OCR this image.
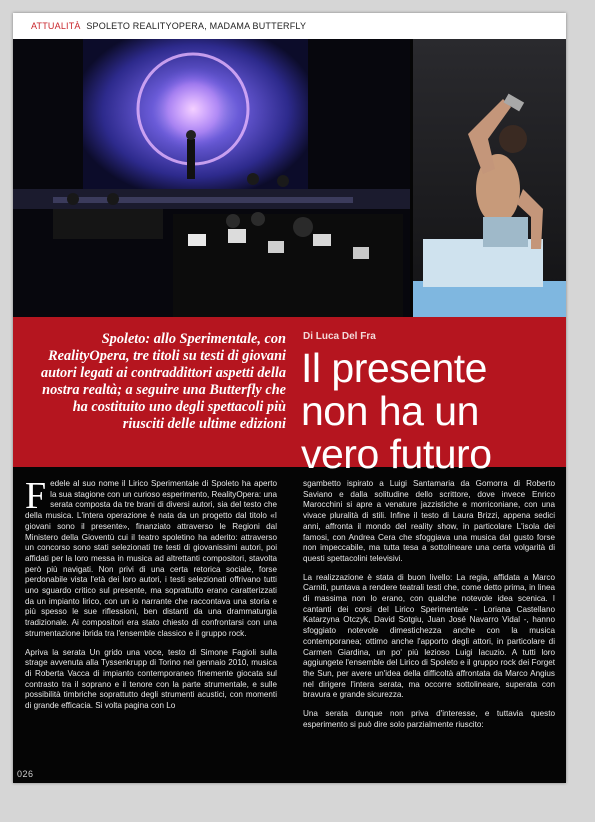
ATTUALITÀ SPOLETO REALITYOPERA, MADAMA BUTTERFLY
Spoleto: allo Sperimentale, con RealityOpera, tre titoli su testi di giovani autori legati ai contraddittori aspetti della nostra realtà; a seguire una Butterfly che ha costituito uno degli spettacoli più riusciti delle ultime edizioni
Di Luca Del Fra
Il presente non ha un vero futuro

Fedele al suo nome il Lirico Sperimentale di Spoleto ha aperto la sua stagione con un curioso esperimento, RealityOpera: una serata composta da tre brani di diversi autori, sia del testo che della musica. L'intera operazione è nata da un progetto dal titolo «I giovani sono il presente», finanziato attraverso le Regioni dal Ministero della Gioventù cui il teatro spoletino ha aderito: attraverso un concorso sono stati selezionati tre testi di giovanissimi autori, poi affidati per la loro messa in musica ad altrettanti compositori, stavolta però più navigati. Non privi di una certa retorica sociale, forse perdonabile vista l'età dei loro autori, i testi selezionati offrivano tutti uno sguardo critico sul presente, ma soprattutto erano caratterizzati da un impianto lirico, con un io narrante che raccontava una storia e più spesso le sue riflessioni, ben distanti da una drammaturgia tradizionale. Ai compositori era stato chiesto di confrontarsi con una strumentazione ibrida tra l'ensemble classico e il gruppo rock.

Apriva la serata Un grido una voce, testo di Simone Fagioli sulla strage avvenuta alla Tyssenkrupp di Torino nel gennaio 2010, musica di Roberta Vacca di impianto contemporaneo finemente giocata sul contrasto tra il soprano e il tenore con la parte strumentale, e sulle possibilità timbriche soprattutto degli strumenti acustici, con momenti di grande efficacia. Si volta pagina con Lo

sgambetto ispirato a Luigi Santamaria da Gomorra di Roberto Saviano e dalla solitudine dello scrittore, dove invece Enrico Marocchini si apre a venature jazzistiche e morriconiane, con una vivace pluralità di stili. Infine il testo di Laura Brizzi, appena sedici anni, affronta il mondo del reality show, in particolare L'isola dei famosi, con Andrea Cera che sfoggiava una musica dal gusto forse non impeccabile, ma tutta tesa a sottolineare una certa volgarità di questi spettacolini televisivi.

La realizzazione è stata di buon livello: La regia, affidata a Marco Carniti, puntava a rendere teatrali testi che, come detto prima, in linea di massima non lo erano, con qualche notevole idea scenica. I cantanti dei corsi del Lirico Sperimentale - Loriana Castellano Katarzyna Otczyk, David Sotgiu, Juan José Navarro Vidal -, hanno sfoggiato notevole dimestichezza anche con la musica contemporanea; ottimo anche l'apporto degli attori, in particolare di Carmen Giardina, un po' più lezioso Luigi Iacuzio. A tutti loro aggiungete l'ensemble del Lirico di Spoleto e il gruppo rock dei Forget the Sun, per avere un'idea della difficoltà affrontata da Marco Angius nel dirigere l'intera serata, ma occorre sottolineare, superata con bravura e grande sicurezza.

Una serata dunque non priva d'interesse, e tuttavia questo esperimento si può dire solo parzialmente riuscito:

026
